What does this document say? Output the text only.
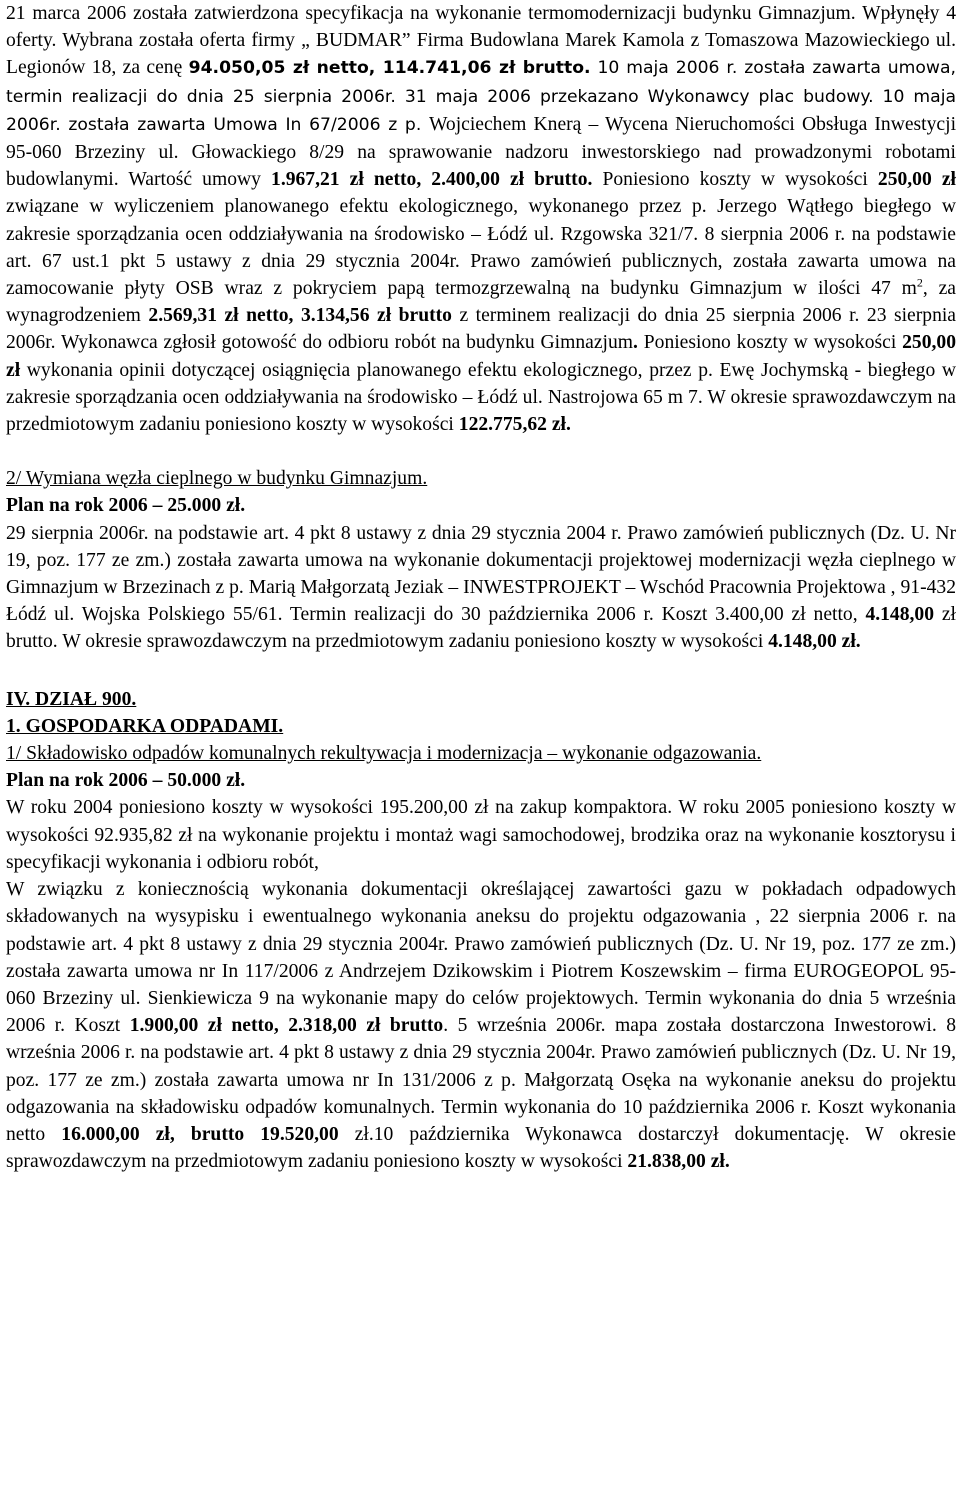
21 marca 2006 została zatwierdzona specyfikacja na wykonanie termomodernizacji budynku Gimnazjum. Wpłynęły 4 oferty. Wybrana została oferta firmy „ BUDMAR” Firma Budowlana Marek Kamola z Tomaszowa Mazowieckiego ul. Legionów 18, za cenę 94.050,05 zł netto, 114.741,06 zł brutto. 10 maja 2006 r. została zawarta umowa, termin realizacji do dnia 25 sierpnia 2006r. 31 maja 2006 przekazano Wykonawcy plac budowy. 10 maja 2006r. została zawarta Umowa In 67/2006 z p. Wojciechem Knerą – Wycena Nieruchomości Obsługa Inwestycji 95-060 Brzeziny ul. Głowackiego 8/29 na sprawowanie nadzoru inwestorskiego nad prowadzonymi robotami budowlanymi. Wartość umowy 1.967,21 zł netto, 2.400,00 zł brutto. Poniesiono koszty w wysokości 250,00 zł związane w wyliczeniem planowanego efektu ekologicznego, wykonanego przez p. Jerzego Wątłego biegłego w zakresie sporządzania ocen oddziaływania na środowisko – Łódź ul. Rzgowska 321/7. 8 sierpnia 2006 r. na podstawie art. 67 ust.1 pkt 5 ustawy z dnia 29 stycznia 2004r. Prawo zamówień publicznych, została zawarta umowa na zamocowanie płyty OSB wraz z pokryciem papą termozgrzewalną na budynku Gimnazjum w ilości 47 $m^2$, za wynagrodzeniem 2.569,31 zł netto, 3.134,56 zł brutto z terminem realizacji do dnia 25 sierpnia 2006 r. 23 sierpnia 2006r. Wykonawca zgłosił gotowość do odbioru robót na budynku Gimnazjum. Poniesiono koszty w wysokości 250,00 zł wykonania opinii dotyczącej osiągnięcia planowanego efektu ekologicznego, przez p. Ewę Jochymską - biegłego w zakresie sporządzania ocen oddziaływania na środowisko – Łódź ul. Nastrojowa 65 m 7. W okresie sprawozdawczym na przedmiotowym zadaniu poniesiono koszty w wysokości 122.775,62 zł.

2/ Wymiana węzła cieplnego w budynku Gimnazjum.

Plan na rok 2006 – 25.000 zł.

29 sierpnia 2006r. na podstawie art. 4 pkt 8 ustawy z dnia 29 stycznia 2004 r. Prawo zamówień publicznych (Dz. U. Nr 19, poz. 177 ze zm.) została zawarta umowa na wykonanie dokumentacji projektowej modernizacji węzła cieplnego w Gimnazjum w Brzezinach z p. Marią Małgorzatą Jeziak – INWESTPROJEKT – Wschód Pracownia Projektowa , 91-432 Łódź ul. Wojska Polskiego 55/61. Termin realizacji do 30 października 2006 r. Koszt 3.400,00 zł netto, 4.148,00 zł brutto. W okresie sprawozdawczym na przedmiotowym zadaniu poniesiono koszty w wysokości 4.148,00 zł.

IV. DZIAŁ 900.

1. GOSPODARKA ODPADAMI.

1/ Składowisko odpadów komunalnych rekultywacja i modernizacja – wykonanie odgazowania.

Plan na rok 2006 – 50.000 zł.

W roku 2004 poniesiono koszty w wysokości 195.200,00 zł na zakup kompaktora. W roku 2005 poniesiono koszty w wysokości 92.935,82 zł na wykonanie projektu i montaż wagi samochodowej, brodzika oraz na wykonanie kosztorysu i specyfikacji wykonania i odbioru robót,

W związku z koniecznością wykonania dokumentacji określającej zawartości gazu w pokładach odpadowych składowanych na wysypisku i ewentualnego wykonania aneksu do projektu odgazowania , 22 sierpnia 2006 r. na podstawie art. 4 pkt 8 ustawy z dnia 29 stycznia 2004r. Prawo zamówień publicznych (Dz. U. Nr 19, poz. 177 ze zm.) została zawarta umowa nr In 117/2006 z Andrzejem Dzikowskim i Piotrem Koszewskim – firma EUROGEOPOL 95-060 Brzeziny ul. Sienkiewicza 9 na wykonanie mapy do celów projektowych. Termin wykonania do dnia 5 września 2006 r. Koszt 1.900,00 zł netto, 2.318,00 zł brutto. 5 września 2006r. mapa została dostarczona Inwestorowi. 8 września 2006 r. na podstawie art. 4 pkt 8 ustawy z dnia 29 stycznia 2004r. Prawo zamówień publicznych (Dz. U. Nr 19, poz. 177 ze zm.) została zawarta umowa nr In 131/2006 z p. Małgorzatą Osęka na wykonanie aneksu do projektu odgazowania na składowisku odpadów komunalnych. Termin wykonania do 10 października 2006 r. Koszt wykonania netto 16.000,00 zł, brutto 19.520,00 zł.10 października Wykonawca dostarczył dokumentację. W okresie sprawozdawczym na przedmiotowym zadaniu poniesiono koszty w wysokości 21.838,00 zł.
